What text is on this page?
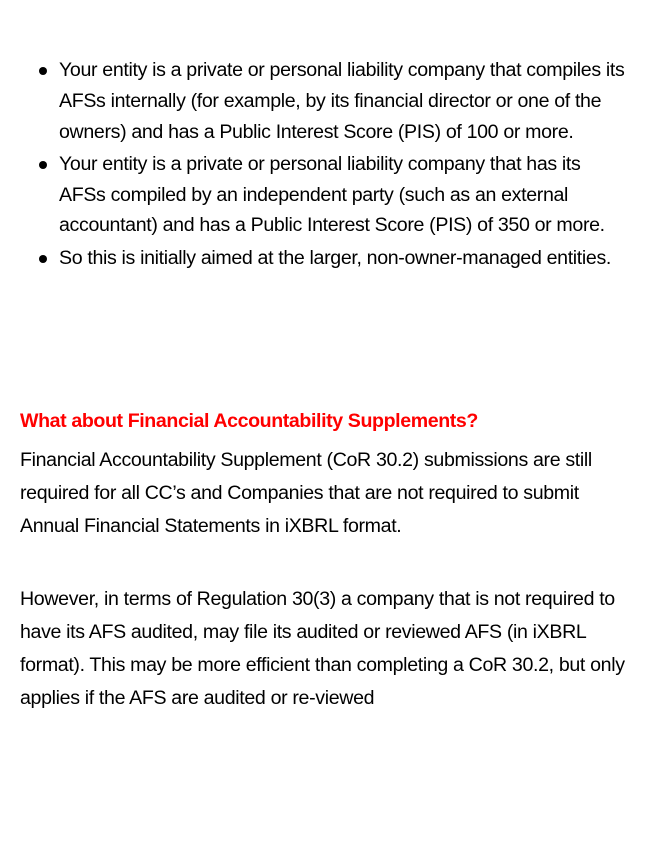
Your entity is a private or personal liability company that compiles its AFSs internally (for example, by its financial director or one of the owners) and has a Public Interest Score (PIS) of 100 or more.
Your entity is a private or personal liability company that has its AFSs compiled by an independent party (such as an external accountant) and has a Public Interest Score (PIS) of 350 or more.
So this is initially aimed at the larger, non-owner-managed entities.
What about Financial Accountability Supplements?

Financial Accountability Supplement (CoR 30.2) submissions are still required for all CC’s and Companies that are not required to submit Annual Financial Statements in iXBRL format.

However, in terms of Regulation 30(3) a company that is not required to have its AFS audited, may file its audited or reviewed AFS (in iXBRL format). This may be more efficient than completing a CoR 30.2, but only applies if the AFS are audited or re-viewed
